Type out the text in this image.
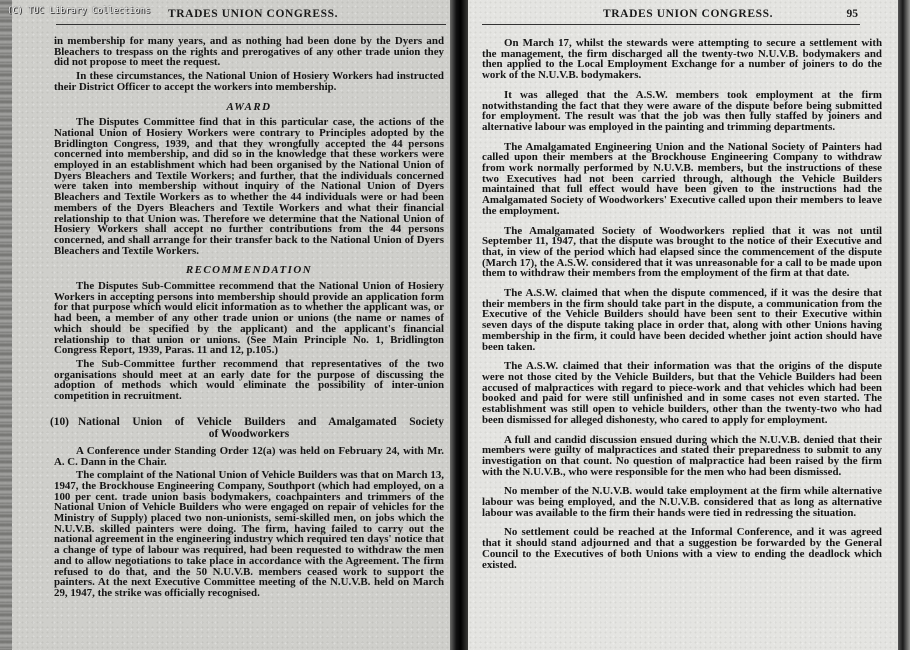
TRADES UNION CONGRESS.

in membership for many years, and as nothing had been done by the Dyers and Bleachers to trespass on the rights and prerogatives of any other trade union they did not propose to meet the request.

In these circumstances, the National Union of Hosiery Workers had instructed their District Officer to accept the workers into membership.

AWARD

The Disputes Committee find that in this particular case, the actions of the National Union of Hosiery Workers were contrary to Principles adopted by the Bridlington Congress, 1939, and that they wrongfully accepted the 44 persons concerned into membership, and did so in the knowledge that these workers were employed in an establishment which had been organised by the National Union of Dyers Bleachers and Textile Workers; and further, that the individuals concerned were taken into membership without inquiry of the National Union of Dyers Bleachers and Textile Workers as to whether the 44 individuals were or had been members of the Dyers Bleachers and Textile Workers and what their financial relationship to that Union was. Therefore we determine that the National Union of Hosiery Workers shall accept no further contributions from the 44 persons concerned, and shall arrange for their transfer back to the National Union of Dyers Bleachers and Textile Workers.

RECOMMENDATION

The Disputes Sub-Committee recommend that the National Union of Hosiery Workers in accepting persons into membership should provide an application form for that purpose which would elicit information as to whether the applicant was, or had been, a member of any other trade union or unions (the name or names of which should be specified by the applicant) and the applicant's financial relationship to that union or unions. (See Main Principle No. 1, Bridlington Congress Report, 1939, Paras. 11 and 12, p.105.)

The Sub-Committee further recommend that representatives of the two organisations should meet at an early date for the purpose of discussing the adoption of methods which would eliminate the possibility of inter-union competition in recruitment.

(10) National Union of Vehicle Builders and Amalgamated Society
of Woodworkers

A Conference under Standing Order 12(a) was held on February 24, with Mr. A. C. Dann in the Chair.

The complaint of the National Union of Vehicle Builders was that on March 13, 1947, the Brockhouse Engineering Company, Southport (which had employed, on a 100 per cent. trade union basis bodymakers, coachpainters and trimmers of the National Union of Vehicle Builders who were engaged on repair of vehicles for the Ministry of Supply) placed two non-unionists, semi-skilled men, on jobs which the N.U.V.B. skilled painters were doing. The firm, having failed to carry out the national agreement in the engineering industry which required ten days' notice that a change of type of labour was required, had been requested to withdraw the men and to allow negotiations to take place in accordance with the Agreement. The firm refused to do that, and the 50 N.U.V.B. members ceased work to support the painters. At the next Executive Committee meeting of the N.U.V.B. held on March 29, 1947, the strike was officially recognised.

TRADES UNION CONGRESS.	95

On March 17, whilst the stewards were attempting to secure a settlement with the management, the firm discharged all the twenty-two N.U.V.B. bodymakers and then applied to the Local Employment Exchange for a number of joiners to do the work of the N.U.V.B. bodymakers.

It was alleged that the A.S.W. members took employment at the firm notwithstanding the fact that they were aware of the dispute before being submitted for employment. The result was that the job was then fully staffed by joiners and alternative labour was employed in the painting and trimming departments.

The Amalgamated Engineering Union and the National Society of Painters had called upon their members at the Brockhouse Engineering Company to withdraw from work normally performed by N.U.V.B. members, but the instructions of these two Executives had not been carried through, although the Vehicle Builders maintained that full effect would have been given to the instructions had the Amalgamated Society of Woodworkers' Executive called upon their members to leave the employment.

The Amalgamated Society of Woodworkers replied that it was not until September 11, 1947, that the dispute was brought to the notice of their Executive and that, in view of the period which had elapsed since the commencement of the dispute (March 17), the A.S.W. considered that it was unreasonable for a call to be made upon them to withdraw their members from the employment of the firm at that date.

The A.S.W. claimed that when the dispute commenced, if it was the desire that their members in the firm should take part in the dispute, a communication from the Executive of the Vehicle Builders should have been sent to their Executive within seven days of the dispute taking place in order that, along with other Unions having membership in the firm, it could have been decided whether joint action should have been taken.

The A.S.W. claimed that their information was that the origins of the dispute were not those cited by the Vehicle Builders, but that the Vehicle Builders had been accused of malpractices with regard to piece-work and that vehicles which had been booked and paid for were still unfinished and in some cases not even started. The establishment was still open to vehicle builders, other than the twenty-two who had been dismissed for alleged dishonesty, who cared to apply for employment.

A full and candid discussion ensued during which the N.U.V.B. denied that their members were guilty of malpractices and stated their preparedness to submit to any investigation on that count. No question of malpractice had been raised by the firm with the N.U.V.B., who were responsible for the men who had been dismissed.

No member of the N.U.V.B. would take employment at the firm while alternative labour was being employed, and the N.U.V.B. considered that as long as alternative labour was available to the firm their hands were tied in redressing the situation.

No settlement could be reached at the Informal Conference, and it was agreed that it should stand adjourned and that a suggestion be forwarded by the General Council to the Executives of both Unions with a view to ending the deadlock which existed.

(C) TUC Library Collections
